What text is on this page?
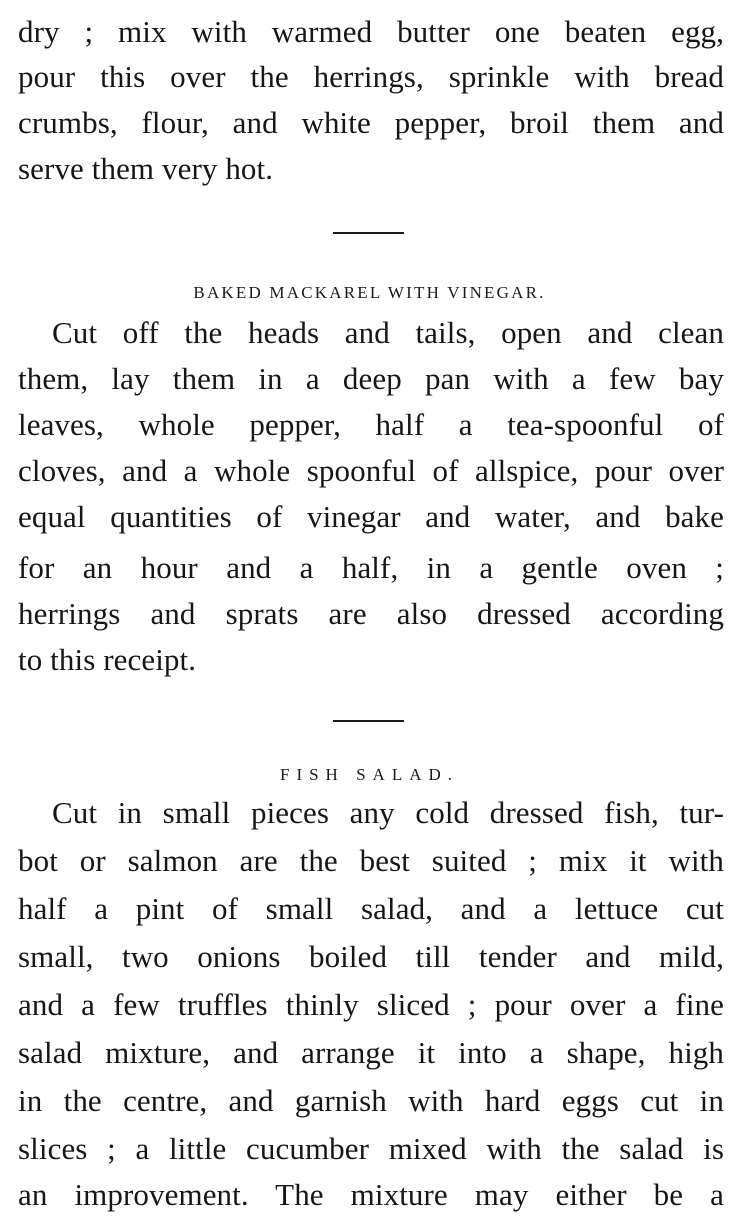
dry ; mix with warmed butter one beaten egg,
pour this over the herrings, sprinkle with bread
crumbs, flour, and white pepper, broil them and
serve them very hot.
BAKED MACKAREL WITH VINEGAR.
Cut off the heads and tails, open and clean
them, lay them in a deep pan with a few bay
leaves, whole pepper, half a tea-spoonful of
cloves, and a whole spoonful of allspice, pour over
equal quantities of vinegar and water, and bake
for an hour and a half, in a gentle oven ;
herrings and sprats are also dressed according
to this receipt.
FISH SALAD.
Cut in small pieces any cold dressed fish, tur-
bot or salmon are the best suited ; mix it with
half a pint of small salad, and a lettuce cut
small, two onions boiled till tender and mild,
and a few truffles thinly sliced ; pour over a fine
salad mixture, and arrange it into a shape, high
in the centre, and garnish with hard eggs cut in
slices ; a little cucumber mixed with the salad is
an improvement. The mixture may either be a
